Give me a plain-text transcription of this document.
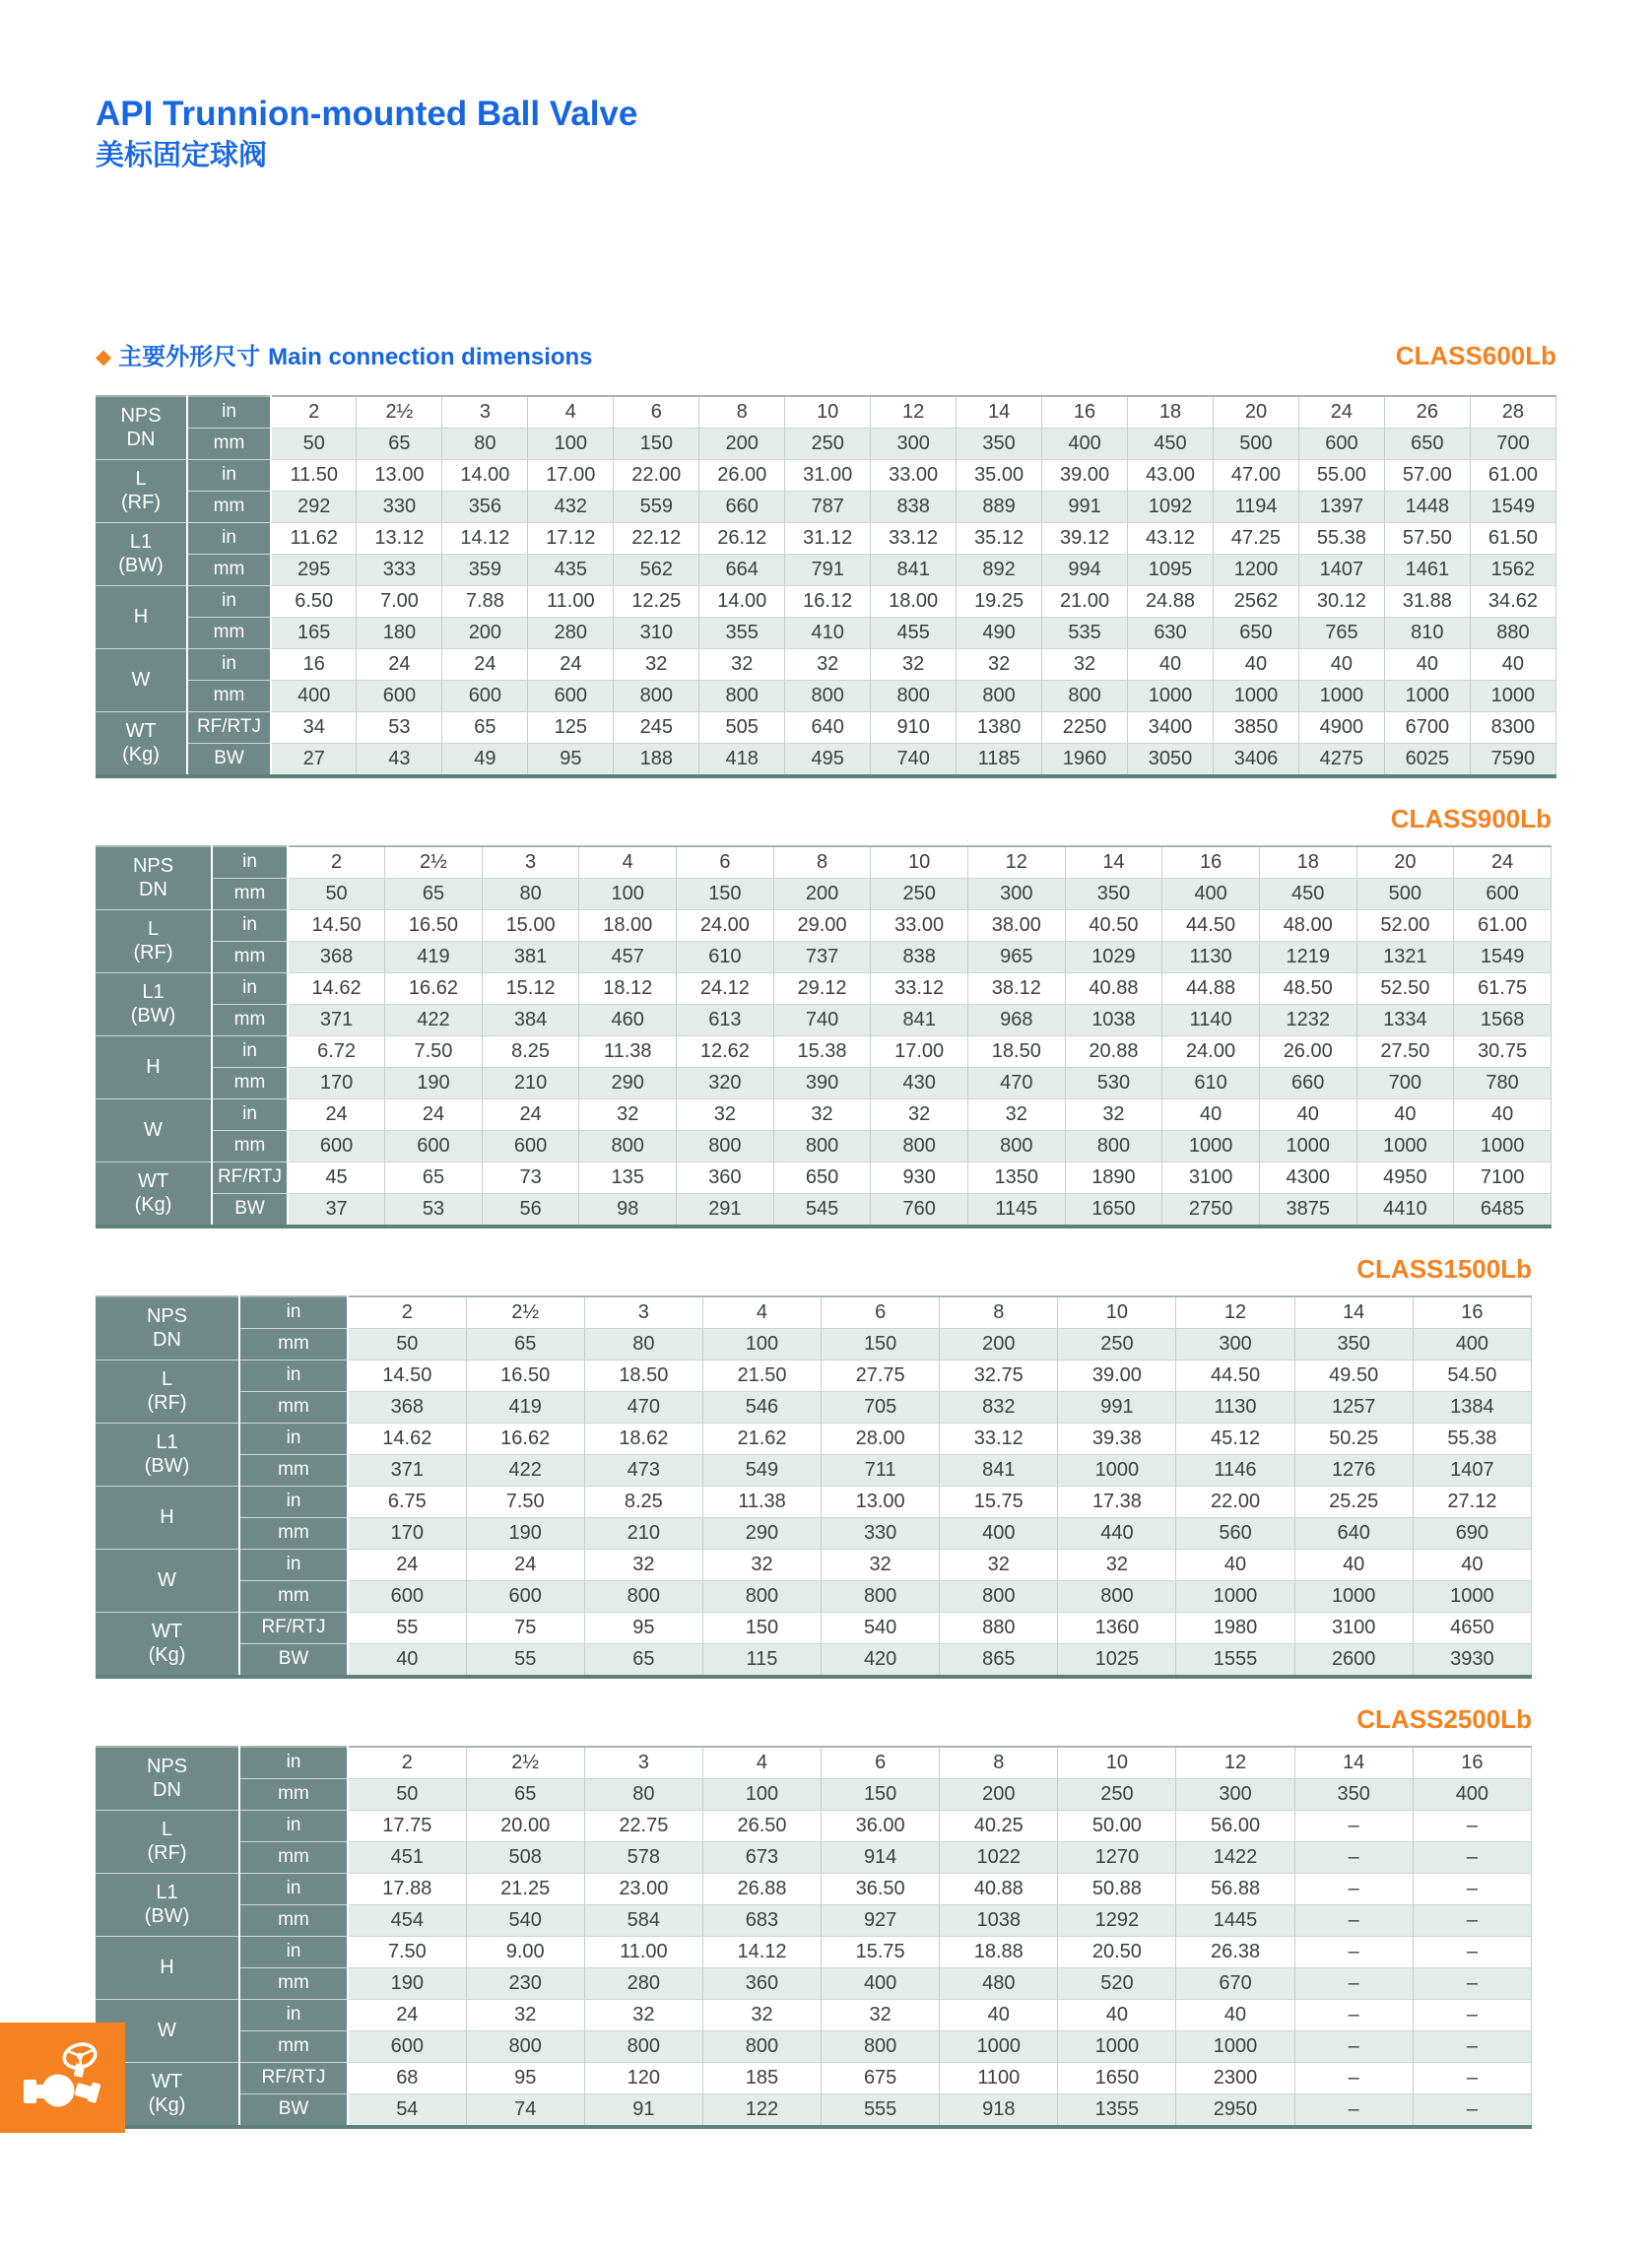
API Trunnion-mounted Ball Valve
美标固定球阀
◆ 主要外形尺寸 Main connection dimensions	CLASS600Lb
NPS
DN	in	2	2½	3	4	6	8	10	12	14	16	18	20	24	26	28
	mm	50	65	80	100	150	200	250	300	350	400	450	500	600	650	700

L
(RF)	in	11.50	13.00	14.00	17.00	22.00	26.00	31.00	33.00	35.00	39.00	43.00	47.00	55.00	57.00	61.00
	mm	292	330	356	432	559	660	787	838	889	991	1092	1194	1397	1448	1549

L1
(BW)	in	11.62	13.12	14.12	17.12	22.12	26.12	31.12	33.12	35.12	39.12	43.12	47.25	55.38	57.50	61.50
	mm	295	333	359	435	562	664	791	841	892	994	1095	1200	1407	1461	1562

H	in	6.50	7.00	7.88	11.00	12.25	14.00	16.12	18.00	19.25	21.00	24.88	2562	30.12	31.88	34.62
	mm	165	180	200	280	310	355	410	455	490	535	630	650	765	810	880

W	in	16	24	24	24	32	32	32	32	32	32	40	40	40	40	40
	mm	400	600	600	600	800	800	800	800	800	800	1000	1000	1000	1000	1000

WT
(Kg)	RF/RTJ	34	53	65	125	245	505	640	910	1380	2250	3400	3850	4900	6700	8300
	BW	27	43	49	95	188	418	495	740	1185	1960	3050	3406	4275	6025	7590
CLASS900Lb
NPS
DN	in	2	2½	3	4	6	8	10	12	14	16	18	20	24
	mm	50	65	80	100	150	200	250	300	350	400	450	500	600

L
(RF)	in	14.50	16.50	15.00	18.00	24.00	29.00	33.00	38.00	40.50	44.50	48.00	52.00	61.00
	mm	368	419	381	457	610	737	838	965	1029	1130	1219	1321	1549

L1
(BW)	in	14.62	16.62	15.12	18.12	24.12	29.12	33.12	38.12	40.88	44.88	48.50	52.50	61.75
	mm	371	422	384	460	613	740	841	968	1038	1140	1232	1334	1568

H	in	6.72	7.50	8.25	11.38	12.62	15.38	17.00	18.50	20.88	24.00	26.00	27.50	30.75
	mm	170	190	210	290	320	390	430	470	530	610	660	700	780

W	in	24	24	24	32	32	32	32	32	32	40	40	40	40
	mm	600	600	600	800	800	800	800	800	800	1000	1000	1000	1000

WT
(Kg)	RF/RTJ	45	65	73	135	360	650	930	1350	1890	3100	4300	4950	7100
	BW	37	53	56	98	291	545	760	1145	1650	2750	3875	4410	6485
CLASS1500Lb
NPS
DN	in	2	2½	3	4	6	8	10	12	14	16
	mm	50	65	80	100	150	200	250	300	350	400

L
(RF)	in	14.50	16.50	18.50	21.50	27.75	32.75	39.00	44.50	49.50	54.50
	mm	368	419	470	546	705	832	991	1130	1257	1384

L1
(BW)	in	14.62	16.62	18.62	21.62	28.00	33.12	39.38	45.12	50.25	55.38
	mm	371	422	473	549	711	841	1000	1146	1276	1407

H	in	6.75	7.50	8.25	11.38	13.00	15.75	17.38	22.00	25.25	27.12
	mm	170	190	210	290	330	400	440	560	640	690

W	in	24	24	32	32	32	32	32	40	40	40
	mm	600	600	800	800	800	800	800	1000	1000	1000

WT
(Kg)	RF/RTJ	55	75	95	150	540	880	1360	1980	3100	4650
	BW	40	55	65	115	420	865	1025	1555	2600	3930
CLASS2500Lb
NPS
DN	in	2	2½	3	4	6	8	10	12	14	16
	mm	50	65	80	100	150	200	250	300	350	400

L
(RF)	in	17.75	20.00	22.75	26.50	36.00	40.25	50.00	56.00	–	–
	mm	451	508	578	673	914	1022	1270	1422	–	–

L1
(BW)	in	17.88	21.25	23.00	26.88	36.50	40.88	50.88	56.88	–	–
	mm	454	540	584	683	927	1038	1292	1445	–	–

H	in	7.50	9.00	11.00	14.12	15.75	18.88	20.50	26.38	–	–
	mm	190	230	280	360	400	480	520	670	–	–

W	in	24	32	32	32	32	40	40	40	–	–
	mm	600	800	800	800	800	1000	1000	1000	–	–

WT
(Kg)	RF/RTJ	68	95	120	185	675	1100	1650	2300	–	–
	BW	54	74	91	122	555	918	1355	2950	–	–
